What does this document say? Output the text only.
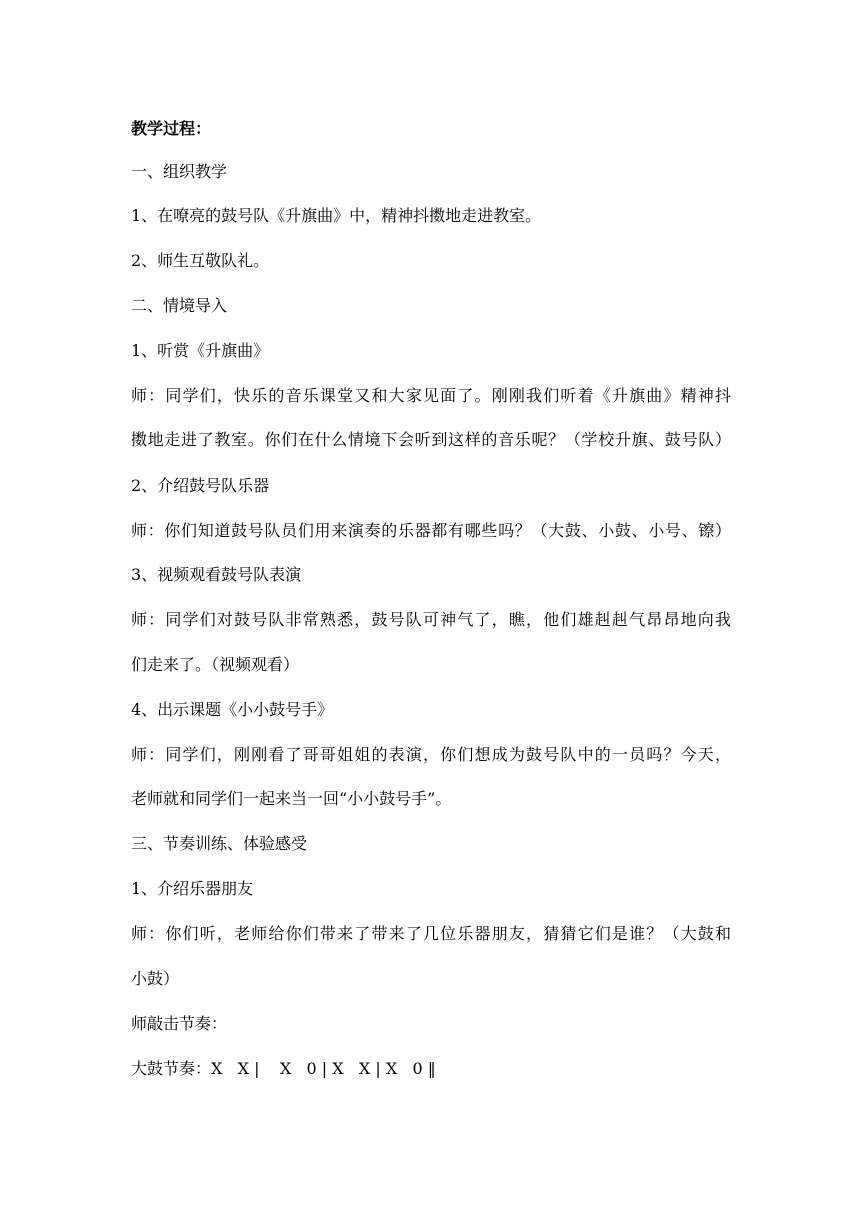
教学过程：
一、组织教学
1、在嘹亮的鼓号队《升旗曲》中，精神抖擞地走进教室。
2、师生互敬队礼。
二、情境导入
1、听赏《升旗曲》
师：同学们，快乐的音乐课堂又和大家见面了。刚刚我们听着《升旗曲》精神抖
擞地走进了教室。你们在什么情境下会听到这样的音乐呢？（学校升旗、鼓号队）
2、介绍鼓号队乐器
师：你们知道鼓号队员们用来演奏的乐器都有哪些吗？（大鼓、小鼓、小号、镲）
3、视频观看鼓号队表演
师：同学们对鼓号队非常熟悉，鼓号队可神气了，瞧，他们雄赳赳气昂昂地向我
们走来了。（视频观看）
4、出示课题《小小鼓号手》
师：同学们，刚刚看了哥哥姐姐的表演，你们想成为鼓号队中的一员吗？今天，
老师就和同学们一起来当一回“小小鼓号手”。
三、节奏训练、体验感受
1、介绍乐器朋友
师：你们听，老师给你们带来了带来了几位乐器朋友，猜猜它们是谁？（大鼓和
小鼓）
师敲击节奏：
大鼓节奏：X   X |    X   0 | X   X | X   0 ‖
